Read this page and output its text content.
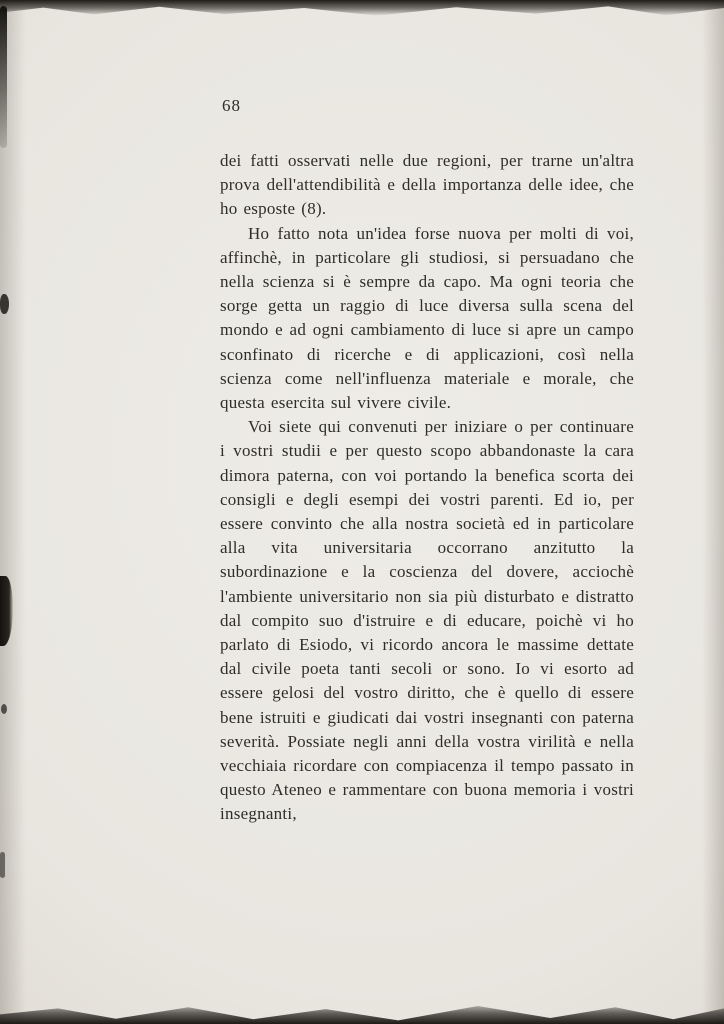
68

dei fatti osservati nelle due regioni, per trarne un'altra prova dell'attendibilità e della importanza delle idee, che ho esposte (8).

Ho fatto nota un'idea forse nuova per molti di voi, affinchè, in particolare gli studiosi, si persuadano che nella scienza si è sempre da capo. Ma ogni teoria che sorge getta un raggio di luce diversa sulla scena del mondo e ad ogni cambiamento di luce si apre un campo sconfinato di ricerche e di applicazioni, così nella scienza come nell'influenza materiale e morale, che questa esercita sul vivere civile.

Voi siete qui convenuti per iniziare o per continuare i vostri studii e per questo scopo abbandonaste la cara dimora paterna, con voi portando la benefica scorta dei consigli e degli esempi dei vostri parenti. Ed io, per essere convinto che alla nostra società ed in particolare alla vita universitaria occorrano anzitutto la subordinazione e la coscienza del dovere, acciochè l'ambiente universitario non sia più disturbato e distratto dal compito suo d'istruire e di educare, poichè vi ho parlato di Esiodo, vi ricordo ancora le massime dettate dal civile poeta tanti secoli or sono. Io vi esorto ad essere gelosi del vostro diritto, che è quello di essere bene istruiti e giudicati dai vostri insegnanti con paterna severità. Possiate negli anni della vostra virilità e nella vecchiaia ricordare con compiacenza il tempo passato in questo Ateneo e rammentare con buona memoria i vostri insegnanti,
